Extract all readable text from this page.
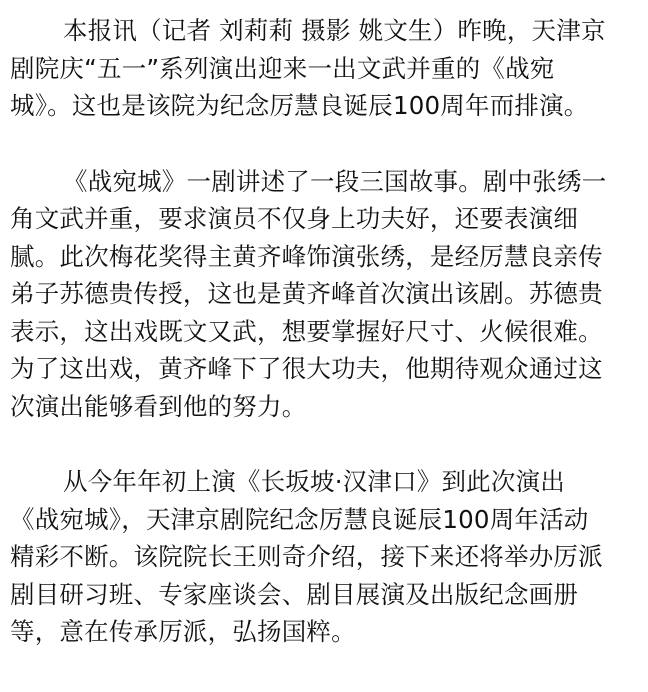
本报讯（记者 刘莉莉 摄影 姚文生）昨晚，天津京
剧院庆“五一”系列演出迎来一出文武并重的《战宛
城》。这也是该院为纪念厉慧良诞辰100周年而排演。

《战宛城》一剧讲述了一段三国故事。剧中张绣一
角文武并重，要求演员不仅身上功夫好，还要表演细
腻。此次梅花奖得主黄齐峰饰演张绣，是经厉慧良亲传
弟子苏德贵传授，这也是黄齐峰首次演出该剧。苏德贵
表示，这出戏既文又武，想要掌握好尺寸、火候很难。
为了这出戏，黄齐峰下了很大功夫，他期待观众通过这
次演出能够看到他的努力。

从今年年初上演《长坂坡·汉津口》到此次演出
《战宛城》，天津京剧院纪念厉慧良诞辰100周年活动
精彩不断。该院院长王则奇介绍，接下来还将举办厉派
剧目研习班、专家座谈会、剧目展演及出版纪念画册
等，意在传承厉派，弘扬国粹。
